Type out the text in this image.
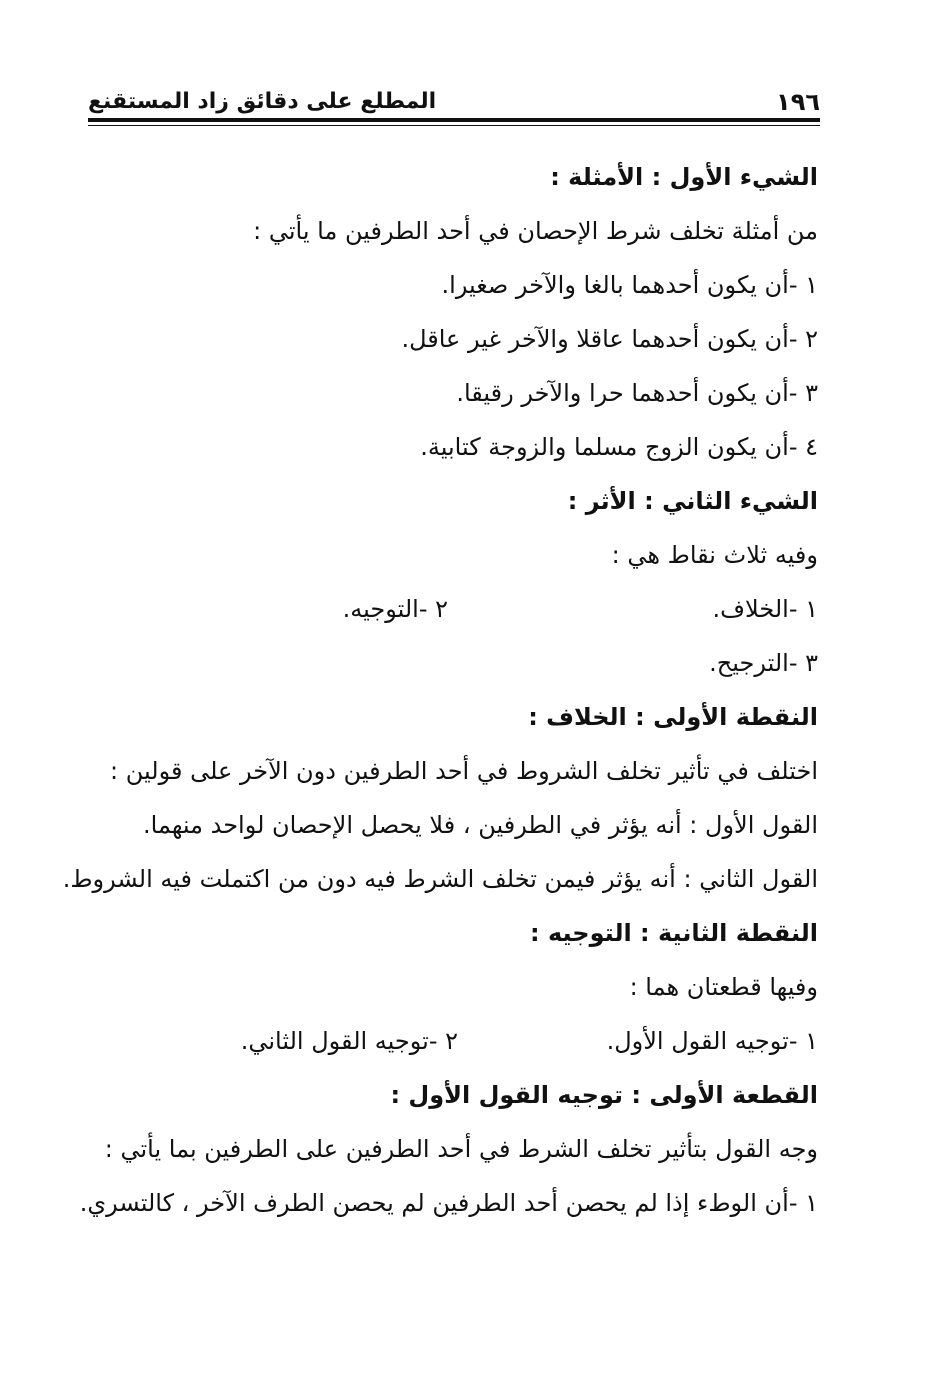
١٩٦
المطلع على دقائق زاد المستقنع
الشيء الأول : الأمثلة :
من أمثلة تخلف شرط الإحصان في أحد الطرفين ما يأتي :
١ -أن يكون أحدهما بالغا والآخر صغيرا.
٢ -أن يكون أحدهما عاقلا والآخر غير عاقل.
٣ -أن يكون أحدهما حرا والآخر رقيقا.
٤ -أن يكون الزوج مسلما والزوجة كتابية.
الشيء الثاني : الأثر :
وفيه ثلاث نقاط هي :
١ -الخلاف.
٢ -التوجيه.
٣ -الترجيح.
النقطة الأولى : الخلاف :
اختلف في تأثير تخلف الشروط في أحد الطرفين دون الآخر على قولين :
القول الأول : أنه يؤثر في الطرفين ، فلا يحصل الإحصان لواحد منهما.
القول الثاني : أنه يؤثر فيمن تخلف الشرط فيه دون من اكتملت فيه الشروط.
النقطة الثانية : التوجيه :
وفيها قطعتان هما :
١ -توجيه القول الأول.
٢ -توجيه القول الثاني.
القطعة الأولى : توجيه القول الأول :
وجه القول بتأثير تخلف الشرط في أحد الطرفين على الطرفين بما يأتي :
١ -أن الوطء إذا لم يحصن أحد الطرفين لم يحصن الطرف الآخر ، كالتسري.
